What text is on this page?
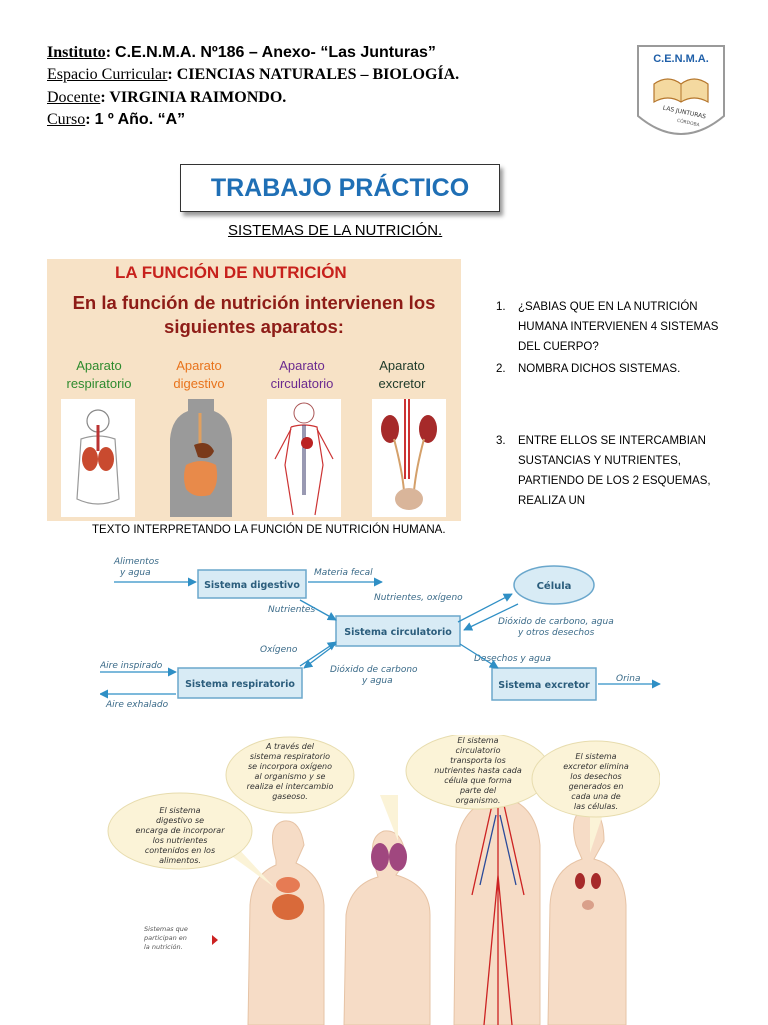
Instituto: C.E.N.M.A. Nº186 – Anexo- “Las Junturas”
Espacio Curricular: CIENCIAS NATURALES – BIOLOGÍA.
Docente: VIRGINIA RAIMONDO.
Curso: 1 º Año. “A”
C.E.N.M.A.
LAS JUNTURAS
CÓRDOBA
TRABAJO PRÁCTICO
SISTEMAS DE LA NUTRICIÓN.
LA FUNCIÓN DE NUTRICIÓN
En la función de nutrición intervienen los
siguientes aparatos:
Aparato
respiratorio
Aparato
digestivo
Aparato
circulatorio
Aparato
excretor
1. ¿SABIAS QUE EN LA NUTRICIÓN HUMANA INTERVIENEN 4 SISTEMAS DEL CUERPO?
2. NOMBRA DICHOS SISTEMAS.
3. ENTRE ELLOS SE INTERCAMBIAN SUSTANCIAS Y NUTRIENTES, PARTIENDO DE LOS 2 ESQUEMAS, REALIZA UN
TEXTO INTERPRETANDO LA FUNCIÓN DE NUTRICIÓN HUMANA.
Alimentos
y agua	Materia fecal
Nutrientes
Nutrientes, oxígeno
Dióxido de carbono, agua
y otros desechos
Oxígeno
Desechos y agua
Aire inspirado	Dióxido de carbono
y agua	Orina
Aire exhalado
Sistema digestivo	Célula
Sistema circulatorio
Sistema respiratorio	Sistema excretor
A través del
sistema respiratorio
se incorpora oxígeno
al organismo y se
realiza el intercambio
gaseoso.
El sistema
circulatorio
transporta los
nutrientes hasta cada
célula que forma
parte del
organismo.
El sistema
excretor elimina
los desechos
generados en
cada una de
las células.
El sistema
digestivo se
encarga de incorporar
los nutrientes
contenidos en los
alimentos.
Sistemas que
participan en
la nutrición.
